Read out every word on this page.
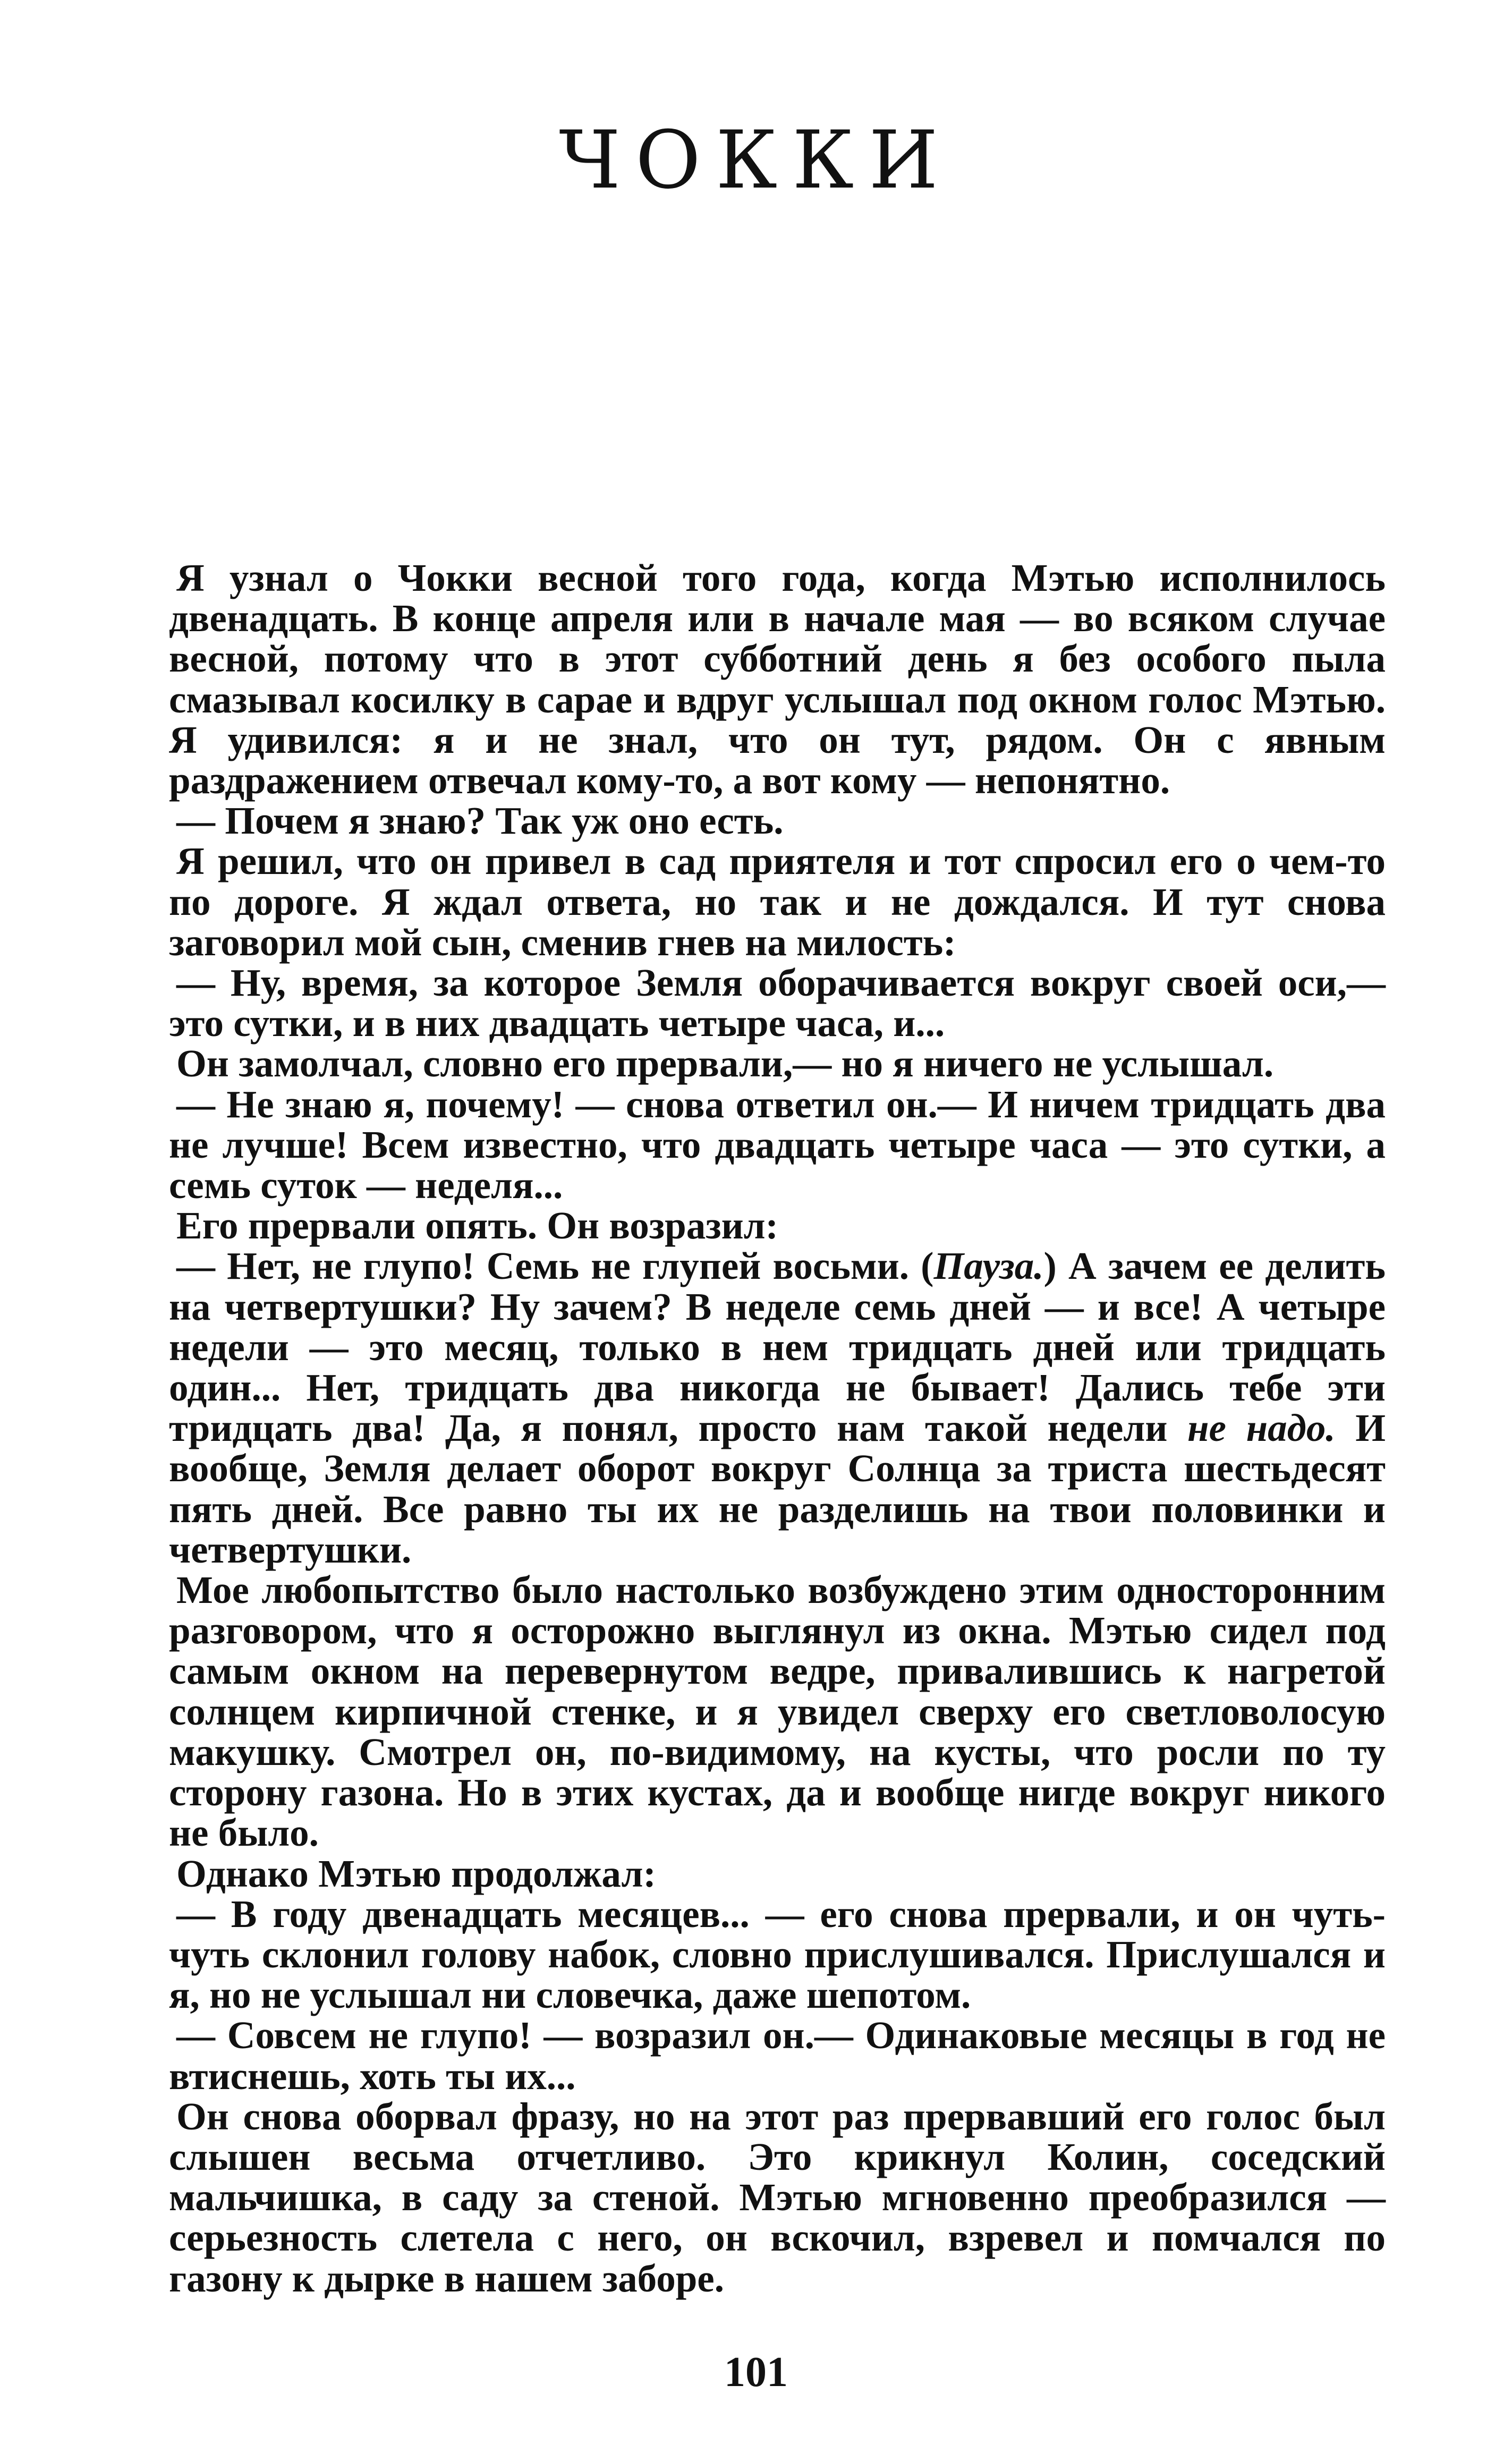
ЧОККИ

Я узнал о Чокки весной того года, когда Мэтью исполнилось двенадцать. В конце апреля или в начале мая — во всяком случае весной, потому что в этот субботний день я без особого пыла смазывал косилку в сарае и вдруг услышал под окном голос Мэтью. Я удивился: я и не знал, что он тут, рядом. Он с явным раздражением отвечал кому-то, а вот кому — непонятно.

— Почем я знаю? Так уж оно есть.

Я решил, что он привел в сад приятеля и тот спросил его о чем-то по дороге. Я ждал ответа, но так и не дождался. И тут снова заговорил мой сын, сменив гнев на милость:

— Ну, время, за которое Земля оборачивается вокруг своей оси,— это сутки, и в них двадцать четыре часа, и...

Он замолчал, словно его прервали,— но я ничего не услышал.

— Не знаю я, почему! — снова ответил он.— И ничем тридцать два не лучше! Всем известно, что двадцать четыре часа — это сутки, а семь суток — неделя...

Его прервали опять. Он возразил:

— Нет, не глупо! Семь не глупей восьми. (Пауза.) А зачем ее делить на четвертушки? Ну зачем? В неделе семь дней — и все! А четыре недели — это месяц, только в нем тридцать дней или тридцать один... Нет, тридцать два никогда не бывает! Дались тебе эти тридцать два! Да, я понял, просто нам такой недели не надо. И вообще, Земля делает оборот вокруг Солнца за триста шестьдесят пять дней. Все равно ты их не разделишь на твои половинки и четвертушки.

Мое любопытство было настолько возбуждено этим односторонним разговором, что я осторожно выглянул из окна. Мэтью сидел под самым окном на перевернутом ведре, привалившись к нагретой солнцем кирпичной стенке, и я увидел сверху его светловолосую макушку. Смотрел он, по-видимому, на кусты, что росли по ту сторону газона. Но в этих кустах, да и вообще нигде вокруг никого не было.

Однако Мэтью продолжал:

— В году двенадцать месяцев... — его снова прервали, и он чуть-чуть склонил голову набок, словно прислушивался. Прислушался и я, но не услышал ни словечка, даже шепотом.

— Совсем не глупо! — возразил он.— Одинаковые месяцы в год не втиснешь, хоть ты их...

Он снова оборвал фразу, но на этот раз прервавший его голос был слышен весьма отчетливо. Это крикнул Колин, соседский мальчишка, в саду за стеной. Мэтью мгновенно преобразился — серьезность слетела с него, он вскочил, взревел и помчался по газону к дырке в нашем заборе.

101
